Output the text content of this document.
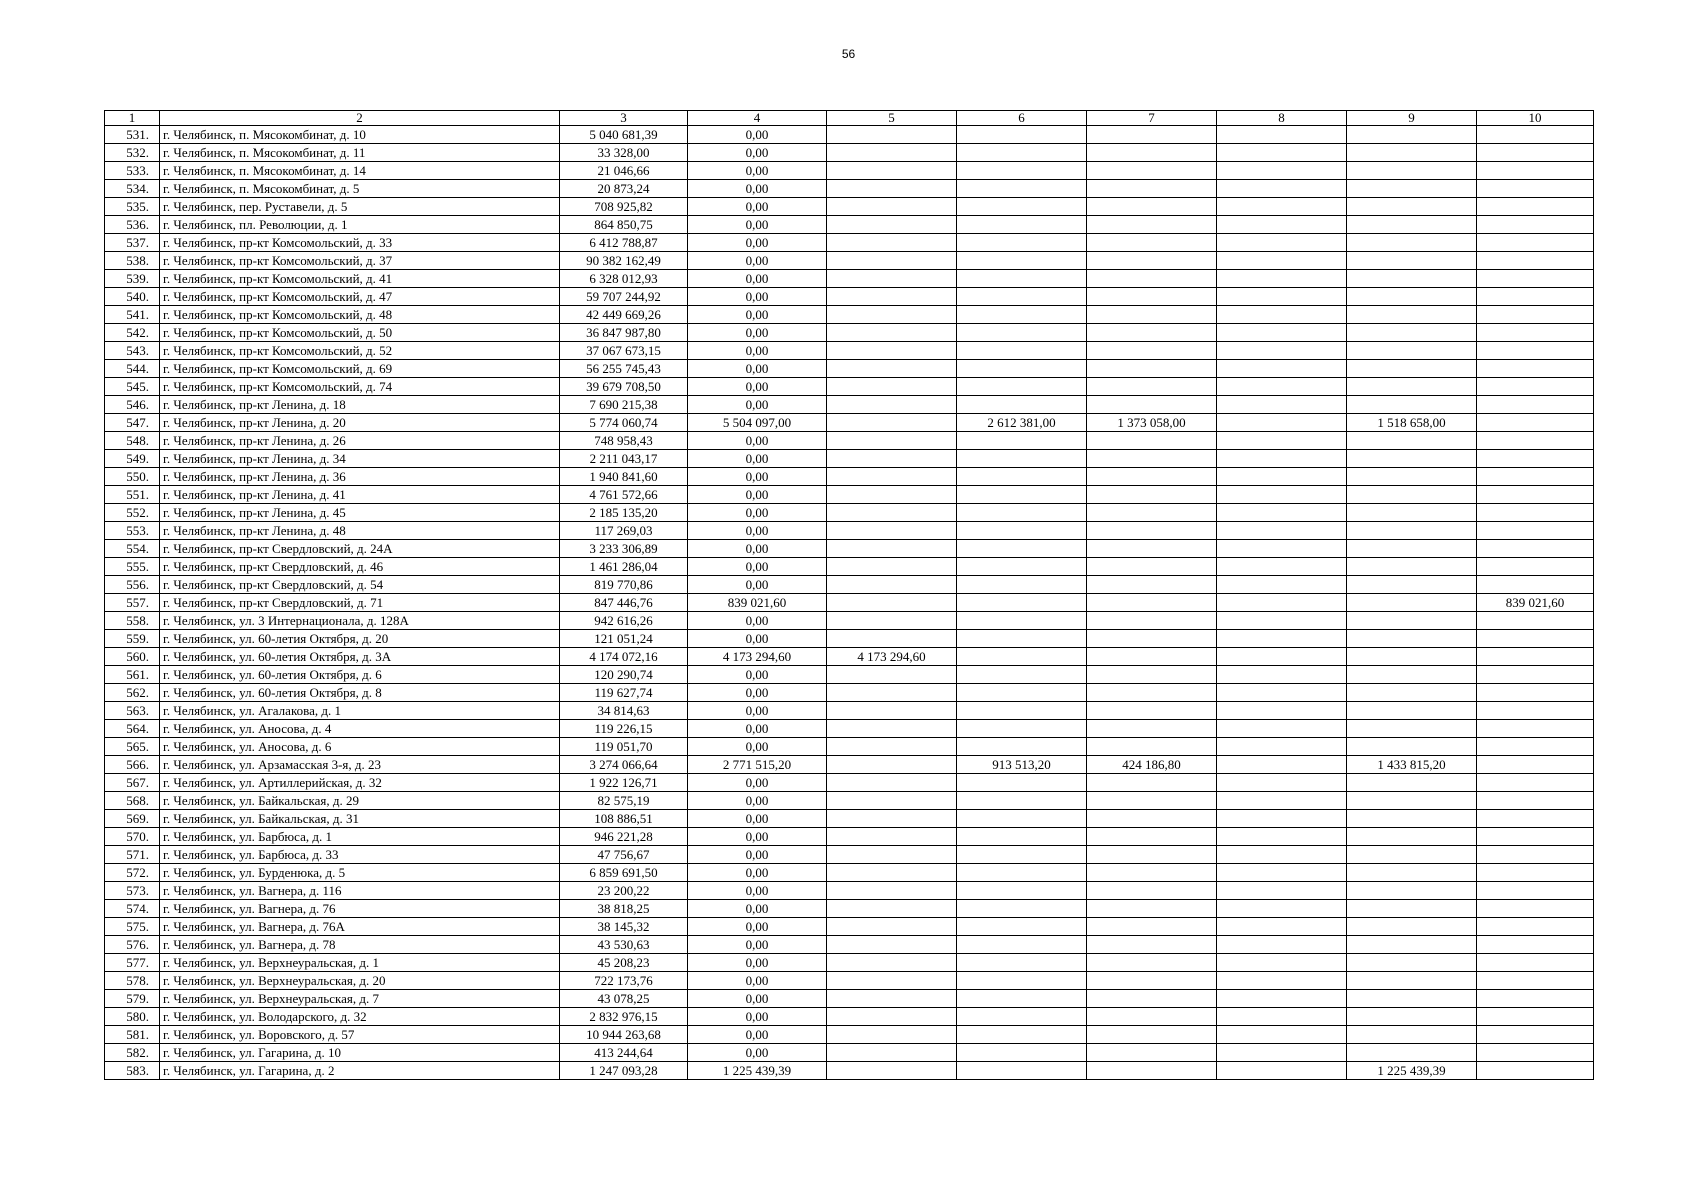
56
1	2	3	4	5	6	7	8	9	10
531.	г. Челябинск, п. Мясокомбинат, д. 10	5 040 681,39	0,00						
532.	г. Челябинск, п. Мясокомбинат, д. 11	33 328,00	0,00						
533.	г. Челябинск, п. Мясокомбинат, д. 14	21 046,66	0,00						
534.	г. Челябинск, п. Мясокомбинат, д. 5	20 873,24	0,00						
535.	г. Челябинск, пер. Руставели, д. 5	708 925,82	0,00						
536.	г. Челябинск, пл. Революции, д. 1	864 850,75	0,00						
537.	г. Челябинск, пр-кт Комсомольский, д. 33	6 412 788,87	0,00						
538.	г. Челябинск, пр-кт Комсомольский, д. 37	90 382 162,49	0,00						
539.	г. Челябинск, пр-кт Комсомольский, д. 41	6 328 012,93	0,00						
540.	г. Челябинск, пр-кт Комсомольский, д. 47	59 707 244,92	0,00						
541.	г. Челябинск, пр-кт Комсомольский, д. 48	42 449 669,26	0,00						
542.	г. Челябинск, пр-кт Комсомольский, д. 50	36 847 987,80	0,00						
543.	г. Челябинск, пр-кт Комсомольский, д. 52	37 067 673,15	0,00						
544.	г. Челябинск, пр-кт Комсомольский, д. 69	56 255 745,43	0,00						
545.	г. Челябинск, пр-кт Комсомольский, д. 74	39 679 708,50	0,00						
546.	г. Челябинск, пр-кт Ленина, д. 18	7 690 215,38	0,00						
547.	г. Челябинск, пр-кт Ленина, д. 20	5 774 060,74	5 504 097,00		2 612 381,00	1 373 058,00		1 518 658,00	
548.	г. Челябинск, пр-кт Ленина, д. 26	748 958,43	0,00						
549.	г. Челябинск, пр-кт Ленина, д. 34	2 211 043,17	0,00						
550.	г. Челябинск, пр-кт Ленина, д. 36	1 940 841,60	0,00						
551.	г. Челябинск, пр-кт Ленина, д. 41	4 761 572,66	0,00						
552.	г. Челябинск, пр-кт Ленина, д. 45	2 185 135,20	0,00						
553.	г. Челябинск, пр-кт Ленина, д. 48	117 269,03	0,00						
554.	г. Челябинск, пр-кт Свердловский, д. 24А	3 233 306,89	0,00						
555.	г. Челябинск, пр-кт Свердловский, д. 46	1 461 286,04	0,00						
556.	г. Челябинск, пр-кт Свердловский, д. 54	819 770,86	0,00						
557.	г. Челябинск, пр-кт Свердловский, д. 71	847 446,76	839 021,60						839 021,60
558.	г. Челябинск, ул. 3 Интернационала, д. 128А	942 616,26	0,00						
559.	г. Челябинск, ул. 60-летия Октября, д. 20	121 051,24	0,00						
560.	г. Челябинск, ул. 60-летия Октября, д. 3А	4 174 072,16	4 173 294,60	4 173 294,60					
561.	г. Челябинск, ул. 60-летия Октября, д. 6	120 290,74	0,00						
562.	г. Челябинск, ул. 60-летия Октября, д. 8	119 627,74	0,00						
563.	г. Челябинск, ул. Агалакова, д. 1	34 814,63	0,00						
564.	г. Челябинск, ул. Аносова, д. 4	119 226,15	0,00						
565.	г. Челябинск, ул. Аносова, д. 6	119 051,70	0,00						
566.	г. Челябинск, ул. Арзамасская 3-я, д. 23	3 274 066,64	2 771 515,20		913 513,20	424 186,80		1 433 815,20	
567.	г. Челябинск, ул. Артиллерийская, д. 32	1 922 126,71	0,00						
568.	г. Челябинск, ул. Байкальская, д. 29	82 575,19	0,00						
569.	г. Челябинск, ул. Байкальская, д. 31	108 886,51	0,00						
570.	г. Челябинск, ул. Барбюса, д. 1	946 221,28	0,00						
571.	г. Челябинск, ул. Барбюса, д. 33	47 756,67	0,00						
572.	г. Челябинск, ул. Бурденюка, д. 5	6 859 691,50	0,00						
573.	г. Челябинск, ул. Вагнера, д. 116	23 200,22	0,00						
574.	г. Челябинск, ул. Вагнера, д. 76	38 818,25	0,00						
575.	г. Челябинск, ул. Вагнера, д. 76А	38 145,32	0,00						
576.	г. Челябинск, ул. Вагнера, д. 78	43 530,63	0,00						
577.	г. Челябинск, ул. Верхнеуральская, д. 1	45 208,23	0,00						
578.	г. Челябинск, ул. Верхнеуральская, д. 20	722 173,76	0,00						
579.	г. Челябинск, ул. Верхнеуральская, д. 7	43 078,25	0,00						
580.	г. Челябинск, ул. Володарского, д. 32	2 832 976,15	0,00						
581.	г. Челябинск, ул. Воровского, д. 57	10 944 263,68	0,00						
582.	г. Челябинск, ул. Гагарина, д. 10	413 244,64	0,00						
583.	г. Челябинск, ул. Гагарина, д. 2	1 247 093,28	1 225 439,39					1 225 439,39	
